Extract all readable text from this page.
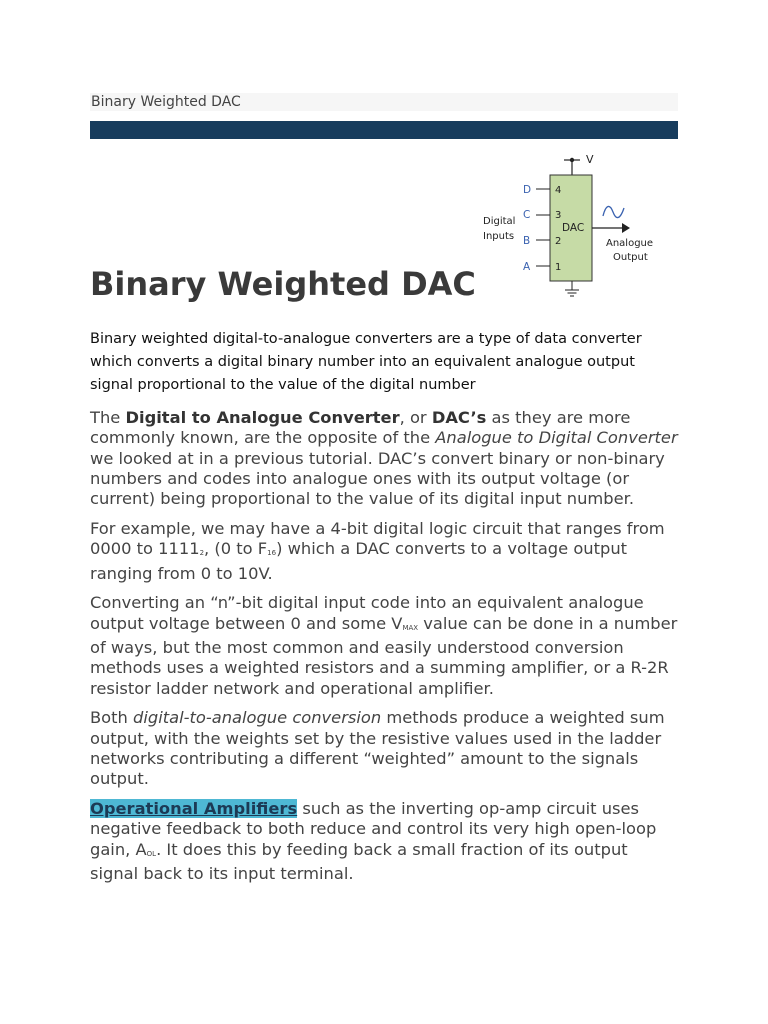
Binary Weighted DAC
V
DAC
D
C
B
A
4
3
2
1
Digital
Inputs
Analogue
Output
Binary Weighted DAC

Binary weighted digital-to-analogue converters are a type of data converter which converts a digital binary number into an equivalent analogue output signal proportional to the value of the digital number

The Digital to Analogue Converter, or DAC’s as they are more commonly known, are the opposite of the Analogue to Digital Converter we looked at in a previous tutorial. DAC’s convert binary or non-binary numbers and codes into analogue ones with its output voltage (or current) being proportional to the value of its digital input number.

For example, we may have a 4-bit digital logic circuit that ranges from 0000 to $1111_2$, (0 to $F_{16}$) which a DAC converts to a voltage output ranging from 0 to 10V.

Converting an “n”-bit digital input code into an equivalent analogue output voltage between 0 and some $V_{MAX}$ value can be done in a number of ways, but the most common and easily understood conversion methods uses a weighted resistors and a summing amplifier, or a R-2R resistor ladder network and operational amplifier.

Both digital-to-analogue conversion methods produce a weighted sum output, with the weights set by the resistive values used in the ladder networks contributing a different “weighted” amount to the signals output.

Operational Amplifiers such as the inverting op-amp circuit uses negative feedback to both reduce and control its very high open-loop gain, $A_{OL}$. It does this by feeding back a small fraction of its output signal back to its input terminal.
